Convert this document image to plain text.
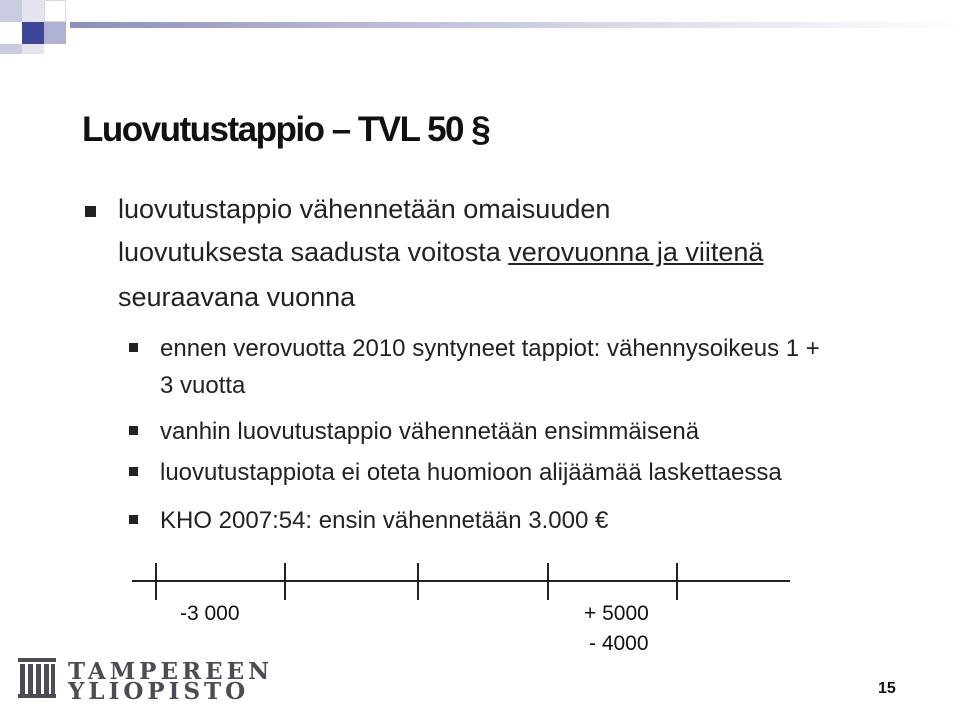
Luovutustappio – TVL 50 §
luovutustappio vähennetään omaisuuden
luovutuksesta saadusta voitosta verovuonna ja viitenä
seuraavana vuonna
ennen verovuotta 2010 syntyneet tappiot: vähennysoikeus 1 +
3 vuotta
vanhin luovutustappio vähennetään ensimmäisenä
luovutustappiota ei oteta huomioon alijäämää laskettaessa
KHO 2007:54: ensin vähennetään 3.000 €
-3 000	+ 5000
- 4000
TAMPEREEN
YLIOPISTO	15
